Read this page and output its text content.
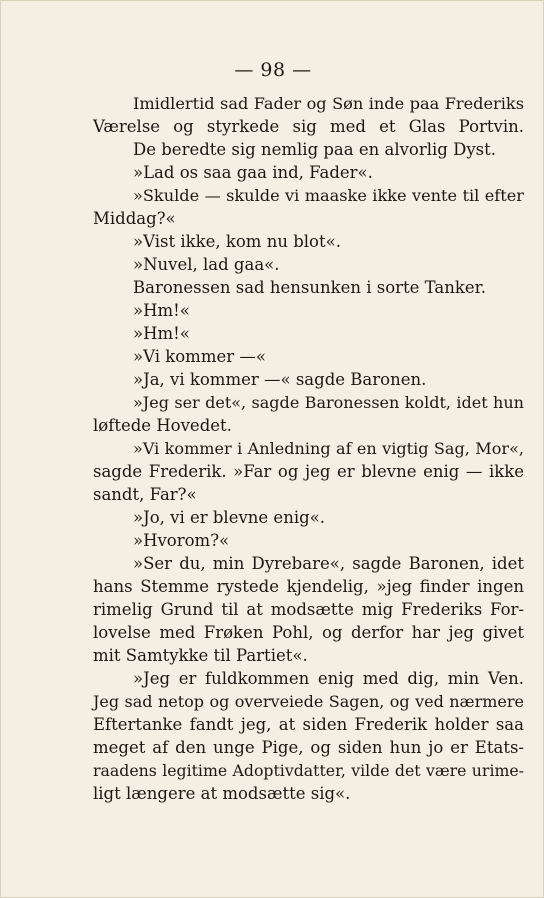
— 98 —
Imidlertid sad Fader og Søn inde paa Frederiks
Værelse og styrkede sig med et Glas Portvin.
De beredte sig nemlig paa en alvorlig Dyst.
»Lad os saa gaa ind, Fader«.
»Skulde — skulde vi maaske ikke vente til efter
Middag?«
»Vist ikke, kom nu blot«.
»Nuvel, lad gaa«.
Baronessen sad hensunken i sorte Tanker.
»Hm!«
»Hm!«
»Vi kommer —«
»Ja, vi kommer —« sagde Baronen.
»Jeg ser det«, sagde Baronessen koldt, idet hun
løftede Hovedet.
»Vi kommer i Anledning af en vigtig Sag, Mor«,
sagde Frederik. »Far og jeg er blevne enig — ikke
sandt, Far?«
»Jo, vi er blevne enig«.
»Hvorom?«
»Ser du, min Dyrebare«, sagde Baronen, idet
hans Stemme rystede kjendelig, »jeg finder ingen
rimelig Grund til at modsætte mig Frederiks For-
lovelse med Frøken Pohl, og derfor har jeg givet
mit Samtykke til Partiet«.
»Jeg er fuldkommen enig med dig, min Ven.
Jeg sad netop og overveiede Sagen, og ved nærmere
Eftertanke fandt jeg, at siden Frederik holder saa
meget af den unge Pige, og siden hun jo er Etats-
raadens legitime Adoptivdatter, vilde det være urime-
ligt længere at modsætte sig«.
